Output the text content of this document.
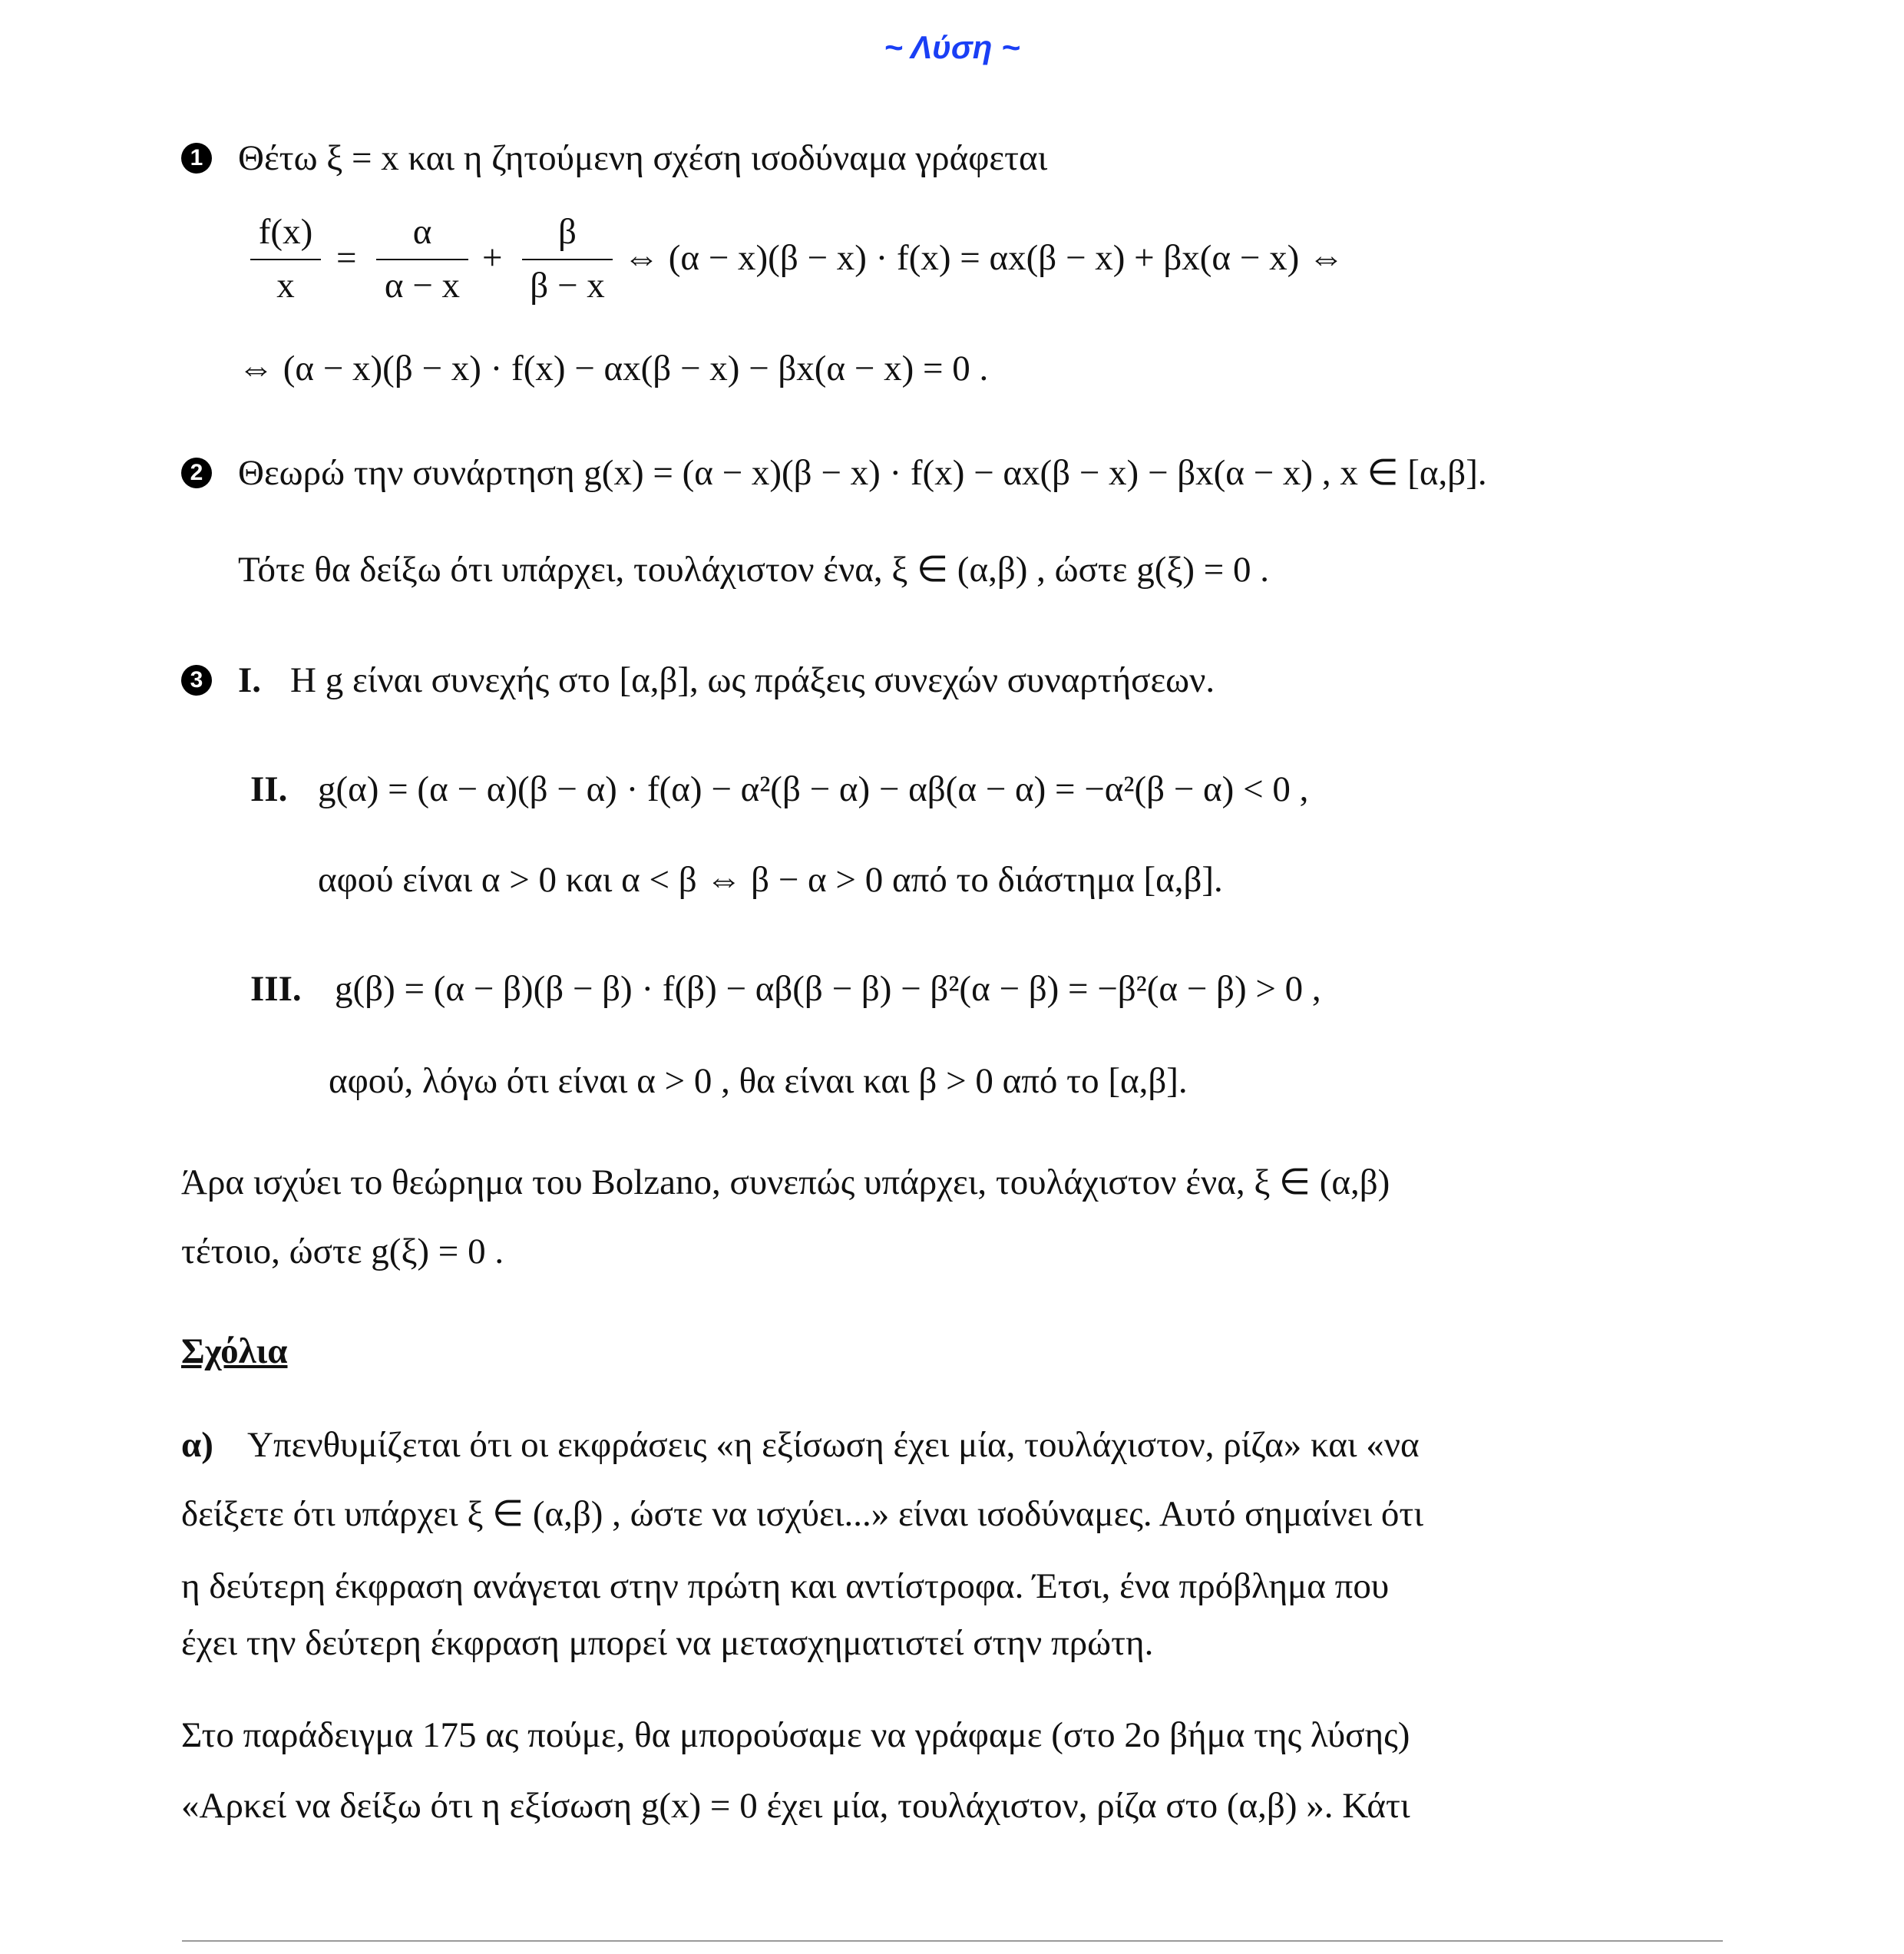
~ Λύση ~
1 Θέτω ξ = x και η ζητούμενη σχέση ισοδύναμα γράφεται
f(x)
x
=
α
α − x
+
β
β − x
⇔ (α − x)(β − x) · f(x) = αx(β − x) + βx(α − x) ⇔
⇔ (α − x)(β − x) · f(x) − αx(β − x) − βx(α − x) = 0 .
2 Θεωρώ την συνάρτηση g(x) = (α − x)(β − x) · f(x) − αx(β − x) − βx(α − x) , x ∈ [α,β].
Τότε θα δείξω ότι υπάρχει, τουλάχιστον ένα, ξ ∈ (α,β) , ώστε g(ξ) = 0 .
3 I. Η g είναι συνεχής στο [α,β], ως πράξεις συνεχών συναρτήσεων.
II. g(α) = (α − α)(β − α) · f(α) − α²(β − α) − αβ(α − α) = −α²(β − α) < 0 ,
αφού είναι α > 0 και α < β ⇔ β − α > 0 από το διάστημα [α,β].
III. g(β) = (α − β)(β − β) · f(β) − αβ(β − β) − β²(α − β) = −β²(α − β) > 0 ,
αφού, λόγω ότι είναι α > 0 , θα είναι και β > 0 από το [α,β].
Άρα ισχύει το θεώρημα του Bolzano, συνεπώς υπάρχει, τουλάχιστον ένα, ξ ∈ (α,β)
τέτοιο, ώστε g(ξ) = 0 .
Σχόλια
α) Υπενθυμίζεται ότι οι εκφράσεις «η εξίσωση έχει μία, τουλάχιστον, ρίζα» και «να
δείξετε ότι υπάρχει ξ ∈ (α,β) , ώστε να ισχύει...» είναι ισοδύναμες. Αυτό σημαίνει ότι
η δεύτερη έκφραση ανάγεται στην πρώτη και αντίστροφα. Έτσι, ένα πρόβλημα που
έχει την δεύτερη έκφραση μπορεί να μετασχηματιστεί στην πρώτη.
Στο παράδειγμα 175 ας πούμε, θα μπορούσαμε να γράφαμε (στο 2ο βήμα της λύσης)
«Αρκεί να δείξω ότι η εξίσωση g(x) = 0 έχει μία, τουλάχιστον, ρίζα στο (α,β) ». Κάτι
